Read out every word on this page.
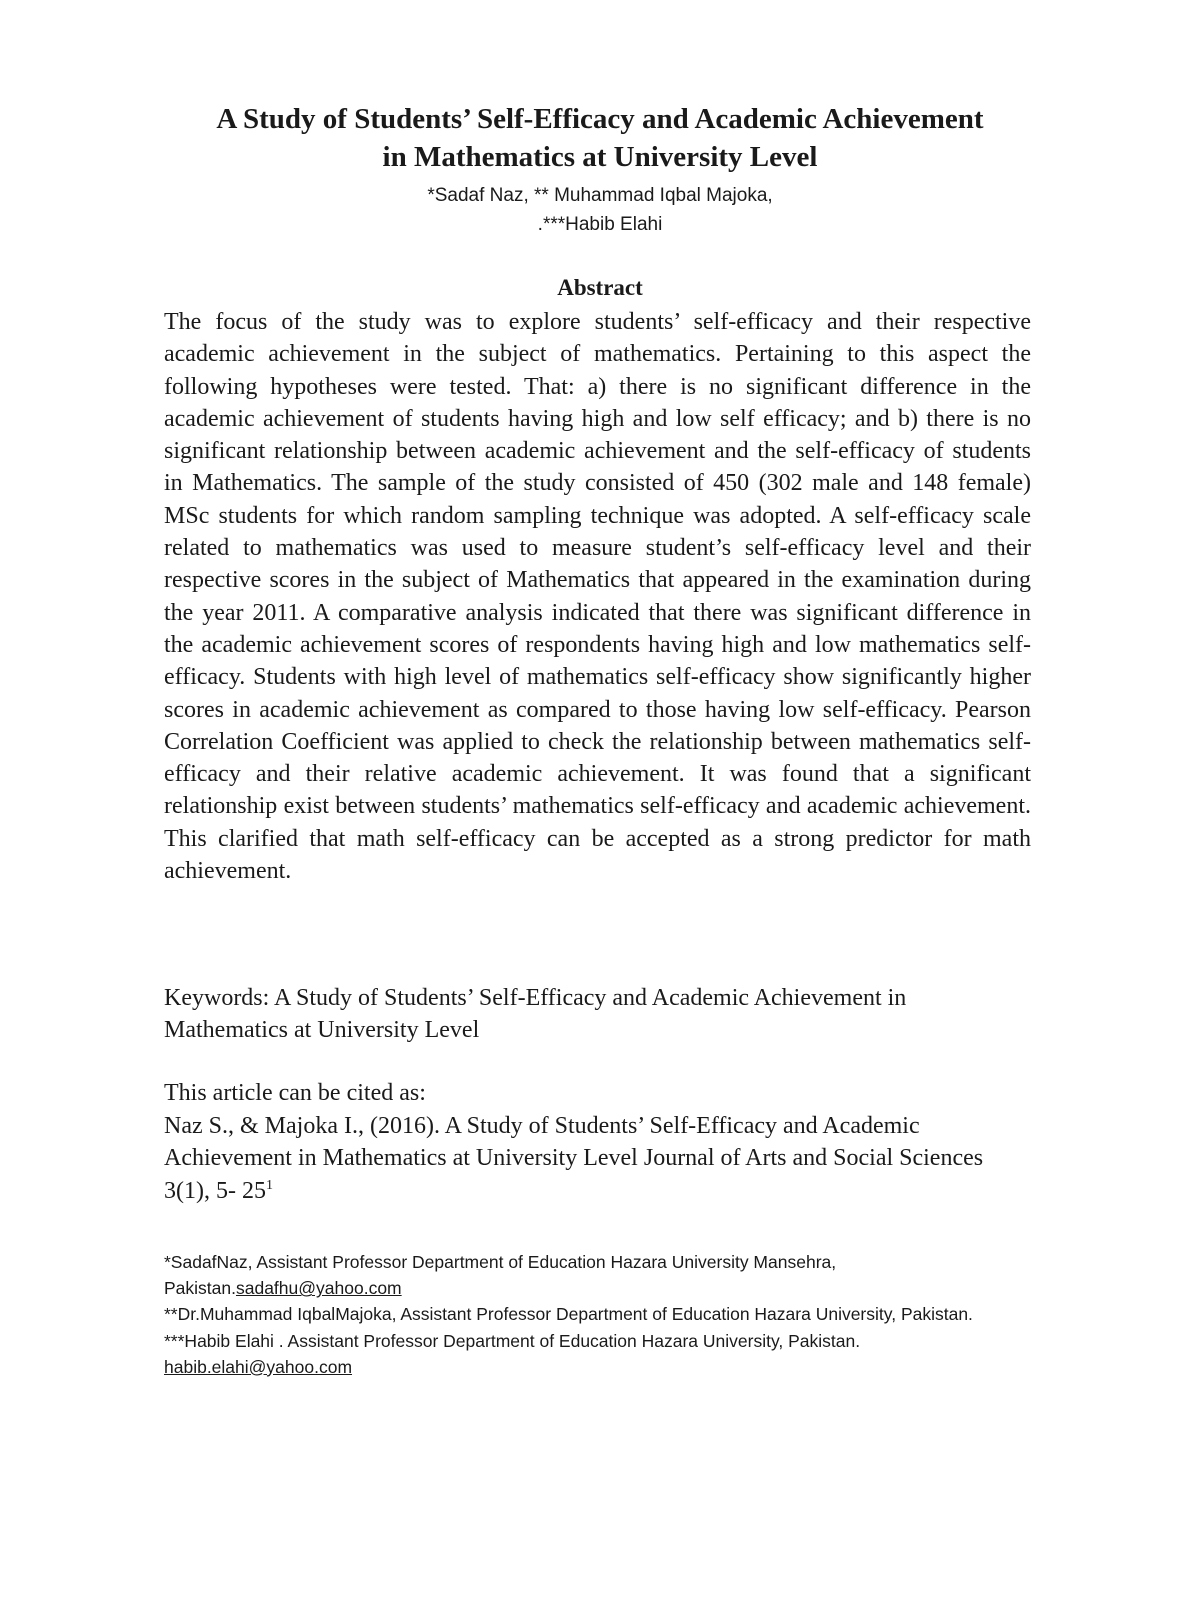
A Study of Students’ Self-Efficacy and Academic Achievement
in Mathematics at University Level
*Sadaf Naz, ** Muhammad Iqbal Majoka,
.***Habib Elahi
Abstract

The focus of the study was to explore students’ self-efficacy and their respective academic achievement in the subject of mathematics. Pertaining to this aspect the following hypotheses were tested. That: a) there is no significant difference in the academic achievement of students having high and low self efficacy; and b) there is no significant relationship between academic achievement and the self-efficacy of students in Mathematics. The sample of the study consisted of 450 (302 male and 148 female) MSc students for which random sampling technique was adopted. A self-efficacy scale related to mathematics was used to measure student’s self-efficacy level and their respective scores in the subject of Mathematics that appeared in the examination during the year 2011. A comparative analysis indicated that there was significant difference in the academic achievement scores of respondents having high and low mathematics self-efficacy. Students with high level of mathematics self-efficacy show significantly higher scores in academic achievement as compared to those having low self-efficacy. Pearson Correlation Coefficient was applied to check the relationship between mathematics self-efficacy and their relative academic achievement. It was found that a significant relationship exist between students’ mathematics self-efficacy and academic achievement. This clarified that math self-efficacy can be accepted as a strong predictor for math achievement.

Keywords: A Study of Students’ Self-Efficacy and Academic Achievement in Mathematics at University Level

This article can be cited as:
Naz S., & Majoka I., (2016). A Study of Students’ Self-Efficacy and Academic Achievement in Mathematics at University Level Journal of Arts and Social Sciences 3(1), 5- $25^1$

*SadafNaz, Assistant Professor Department of Education Hazara University Mansehra, Pakistan.sadafhu@yahoo.com

**Dr.Muhammad IqbalMajoka, Assistant Professor Department of Education Hazara University, Pakistan.

***Habib Elahi . Assistant Professor Department of Education Hazara University, Pakistan.
habib.elahi@yahoo.com
